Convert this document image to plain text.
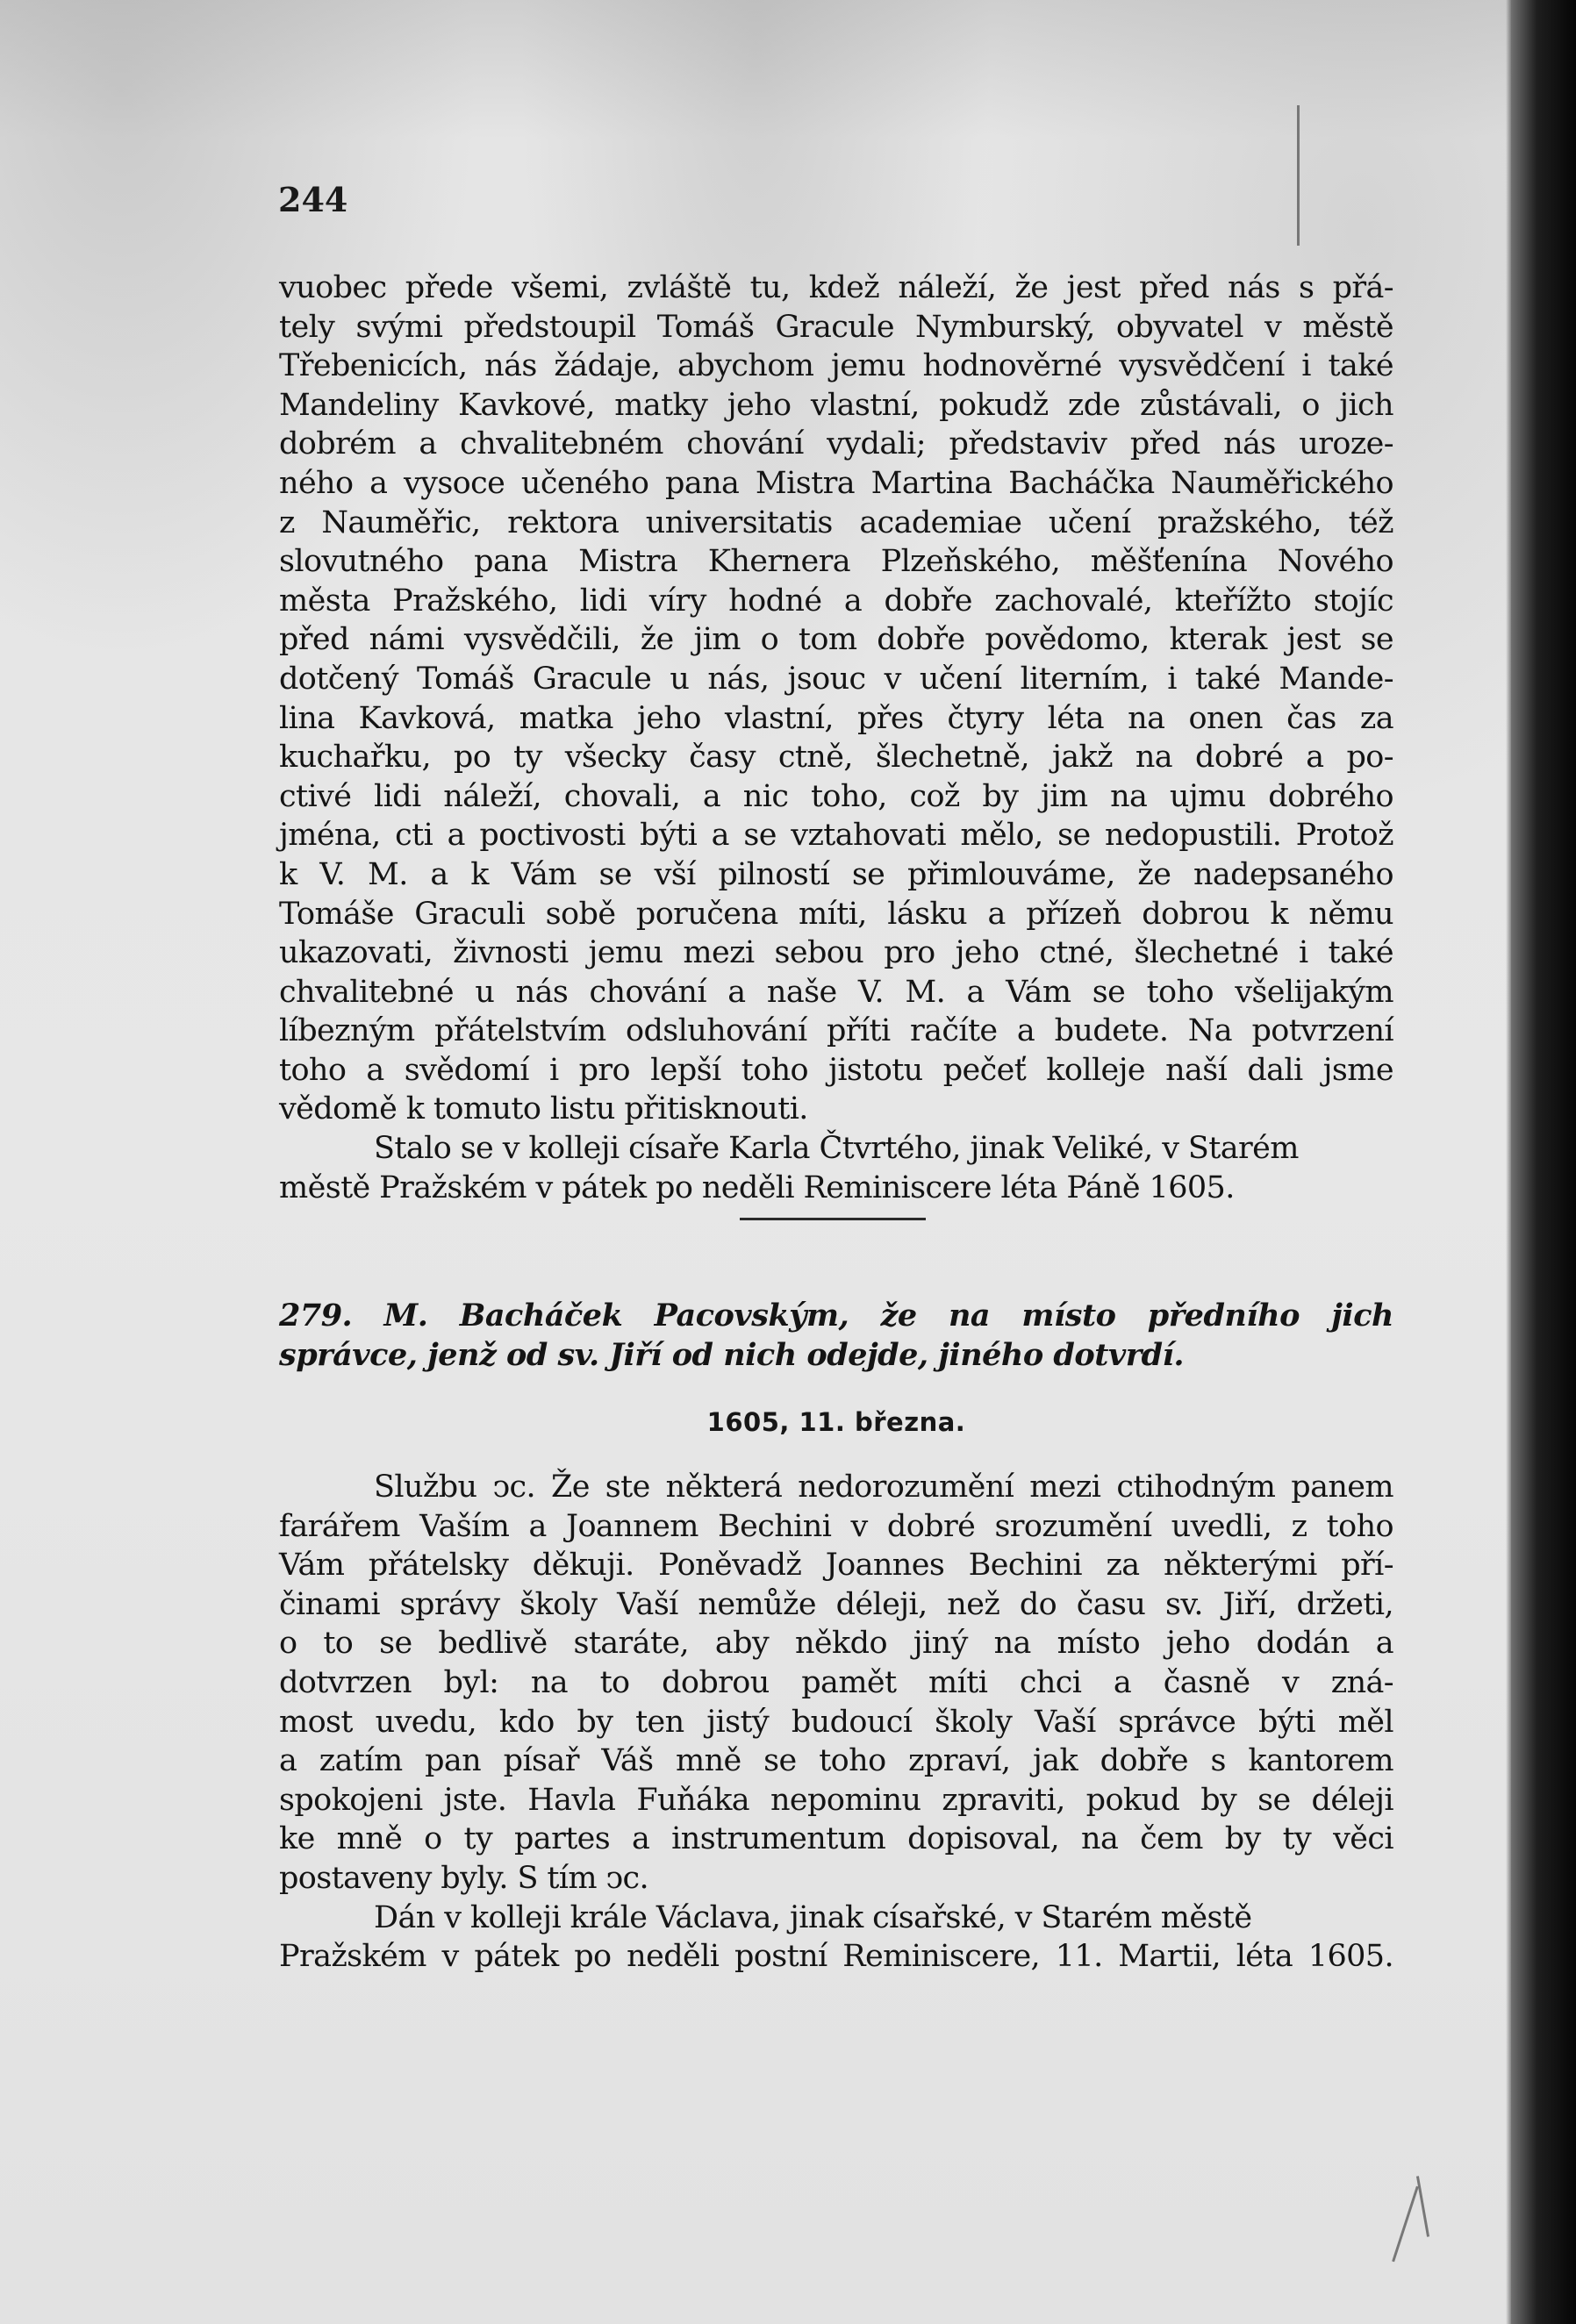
244
vuobec přede všemi, zvláště tu, kdež náleží, že jest před nás s přá-
tely svými předstoupil Tomáš Gracule Nymburský, obyvatel v městě
Třebenicích, nás žádaje, abychom jemu hodnověrné vysvědčení i také
Mandeliny Kavkové, matky jeho vlastní, pokudž zde zůstávali, o jich
dobrém a chvalitebném chování vydali; představiv před nás uroze-
ného a vysoce učeného pana Mistra Martina Bacháčka Nauměřického
z Nauměřic, rektora universitatis academiae učení pražského, též
slovutného pana Mistra Khernera Plzeňského, měšťenína Nového
města Pražského, lidi víry hodné a dobře zachovalé, kteřížto stojíc
před námi vysvědčili, že jim o tom dobře povědomo, kterak jest se
dotčený Tomáš Gracule u nás, jsouc v učení literním, i také Mande-
lina Kavková, matka jeho vlastní, přes čtyry léta na onen čas za
kuchařku, po ty všecky časy ctně, šlechetně, jakž na dobré a po-
ctivé lidi náleží, chovali, a nic toho, což by jim na ujmu dobrého
jména, cti a poctivosti býti a se vztahovati mělo, se nedopustili. Protož
k V. M. a k Vám se vší pilností se přimlouváme, že nadepsaného
Tomáše Graculi sobě poručena míti, lásku a přízeň dobrou k němu
ukazovati, živnosti jemu mezi sebou pro jeho ctné, šlechetné i také
chvalitebné u nás chování a naše V. M. a Vám se toho všelijakým
líbezným přátelstvím odsluhování příti račíte a budete. Na potvrzení
toho a svědomí i pro lepší toho jistotu pečeť kolleje naší dali jsme
vědomě k tomuto listu přitisknouti.
Stalo se v kolleji císaře Karla Čtvrtého, jinak Veliké, v Starém
městě Pražském v pátek po neděli Reminiscere léta Páně 1605.
279. M. Bacháček Pacovským, že na místo předního jich
správce, jenž od sv. Jiří od nich odejde, jiného dotvrdí.
1605, 11. března.
Službu ͻc. Že ste některá nedorozumění mezi ctihodným panem
farářem Vaším a Joannem Bechini v dobré srozumění uvedli, z toho
Vám přátelsky děkuji. Poněvadž Joannes Bechini za některými pří-
činami správy školy Vaší nemůže déleji, než do času sv. Jiří, držeti,
o to se bedlivě staráte, aby někdo jiný na místo jeho dodán a
dotvrzen byl: na to dobrou pamět míti chci a časně v zná-
most uvedu, kdo by ten jistý budoucí školy Vaší správce býti měl
a zatím pan písař Váš mně se toho zpraví, jak dobře s kantorem
spokojeni jste. Havla Fuňáka nepominu zpraviti, pokud by se déleji
ke mně o ty partes a instrumentum dopisoval, na čem by ty věci
postaveny byly. S tím ͻc.
Dán v kolleji krále Václava, jinak císařské, v Starém městě
Pražském v pátek po neděli postní Reminiscere, 11. Martii, léta 1605.
